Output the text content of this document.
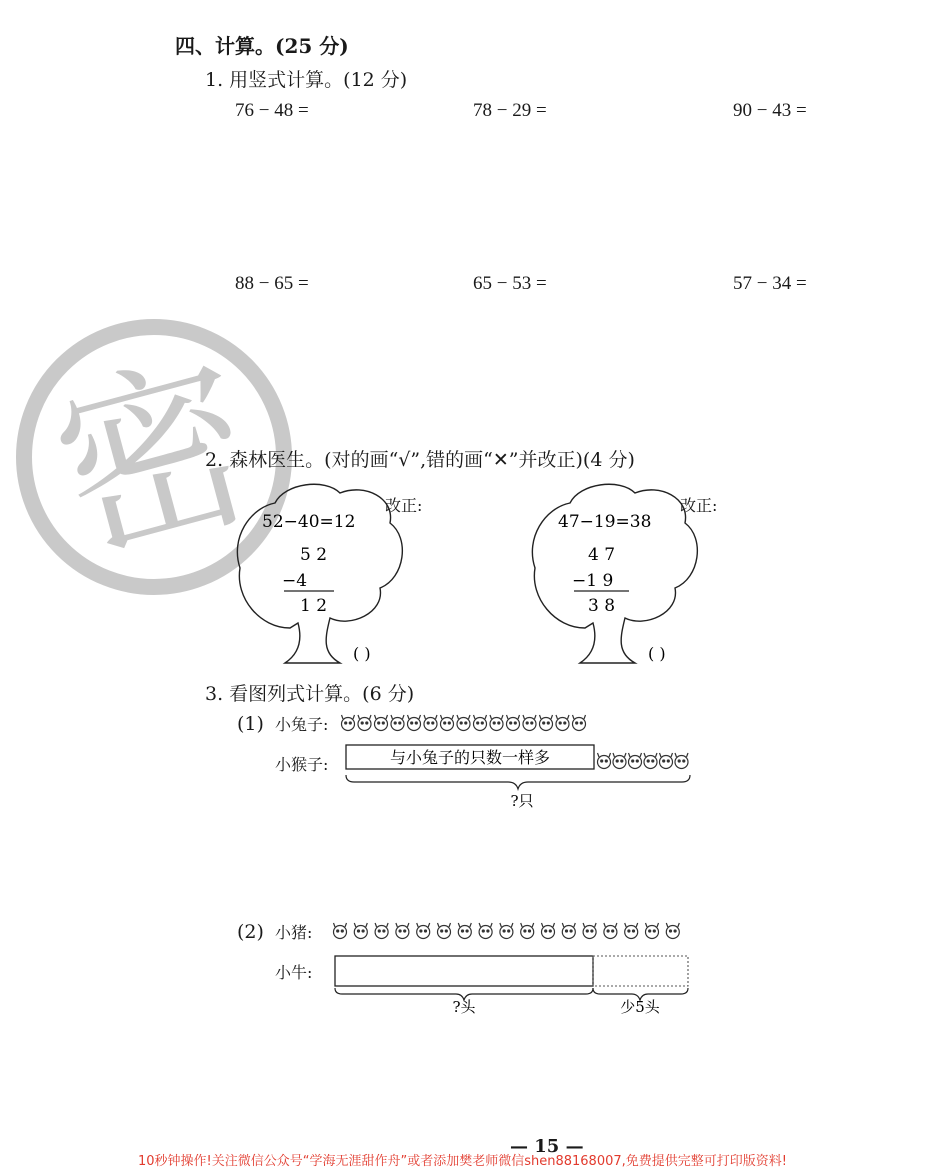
密
四、计算。(25 分)
1. 用竖式计算。(12 分)
76 − 48 =	78 − 29 =	90 − 43 =
88 − 65 =	65 − 53 =	57 − 34 =
2. 森林医生。(对的画“√”,错的画“✕”并改正)(4 分)
52−40=12
5 2
−4
1 2
( )
改正:
47−19=38
4 7
−1 9
3 8
( )
改正:
3. 看图列式计算。(6 分)
(1) 小兔子:
小猴子:	与小兔子的只数一样多
?只
(2) 小猪:
小牛:
?头	少5头
— 15 —
10秒钟操作!关注微信公众号“学海无涯甜作舟”或者添加樊老师微信shen88168007,免费提供完整可打印版资料!
